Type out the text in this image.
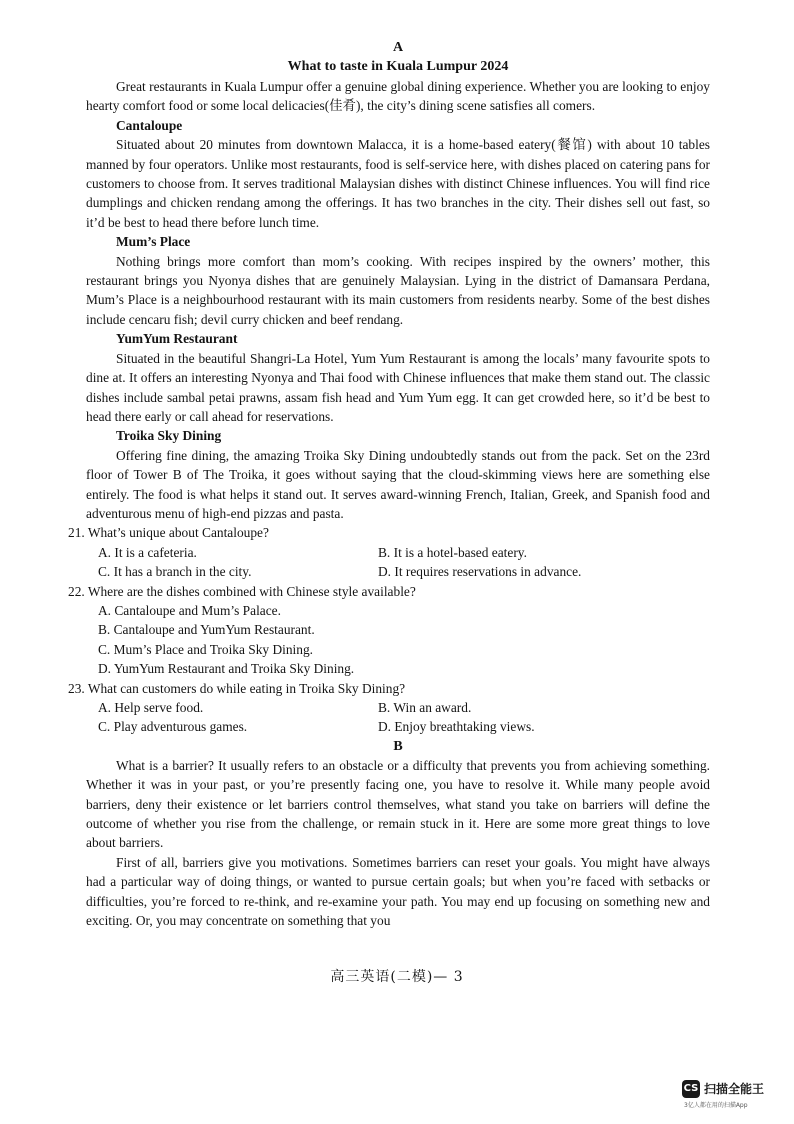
A
What to taste in Kuala Lumpur 2024

Great restaurants in Kuala Lumpur offer a genuine global dining experience. Whether you are looking to enjoy hearty comfort food or some local delicacies(佳肴), the city’s dining scene satisfies all comers.

Cantaloupe

Situated about 20 minutes from downtown Malacca, it is a home-based eatery(餐馆) with about 10 tables manned by four operators. Unlike most restaurants, food is self-service here, with dishes placed on catering pans for customers to choose from. It serves traditional Malaysian dishes with distinct Chinese influences. You will find rice dumplings and chicken rendang among the offerings. It has two branches in the city. Their dishes sell out fast, so it’d be best to head there before lunch time.

Mum’s Place

Nothing brings more comfort than mom’s cooking. With recipes inspired by the owners’ mother, this restaurant brings you Nyonya dishes that are genuinely Malaysian. Lying in the district of Damansara Perdana, Mum’s Place is a neighbourhood restaurant with its main customers from residents nearby. Some of the best dishes include cencaru fish; devil curry chicken and beef rendang.

YumYum Restaurant

Situated in the beautiful Shangri-La Hotel, Yum Yum Restaurant is among the locals’ many favourite spots to dine at. It offers an interesting Nyonya and Thai food with Chinese influences that make them stand out. The classic dishes include sambal petai prawns, assam fish head and Yum Yum egg. It can get crowded here, so it’d be best to head there early or call ahead for reservations.

Troika Sky Dining

Offering fine dining, the amazing Troika Sky Dining undoubtedly stands out from the pack. Set on the 23rd floor of Tower B of The Troika, it goes without saying that the cloud-skimming views here are something else entirely. The food is what helps it stand out. It serves award-winning French, Italian, Greek, and Spanish food and adventurous menu of high-end pizzas and pasta.

21. What’s unique about Cantaloupe?
A. It is a cafeteria.	B. It is a hotel-based eatery.
C. It has a branch in the city.	D. It requires reservations in advance.
22. Where are the dishes combined with Chinese style available?
A. Cantaloupe and Mum’s Palace.
B. Cantaloupe and YumYum Restaurant.
C. Mum’s Place and Troika Sky Dining.
D. YumYum Restaurant and Troika Sky Dining.
23. What can customers do while eating in Troika Sky Dining?
A. Help serve food.	B. Win an award.
C. Play adventurous games.	D. Enjoy breathtaking views.
B

What is a barrier? It usually refers to an obstacle or a difficulty that prevents you from achieving something. Whether it was in your past, or you’re presently facing one, you have to resolve it. While many people avoid barriers, deny their existence or let barriers control themselves, what stand you take on barriers will define the outcome of whether you rise from the challenge, or remain stuck in it. Here are some more great things to love about barriers.

First of all, barriers give you motivations. Sometimes barriers can reset your goals. You might have always had a particular way of doing things, or wanted to pursue certain goals; but when you’re faced with setbacks or difficulties, you’re forced to re-think, and re-examine your path. You may end up focusing on something new and exciting. Or, you may concentrate on something that you

高三英语(二模)— 3
CS 扫描全能王
3亿人都在用的扫描App
